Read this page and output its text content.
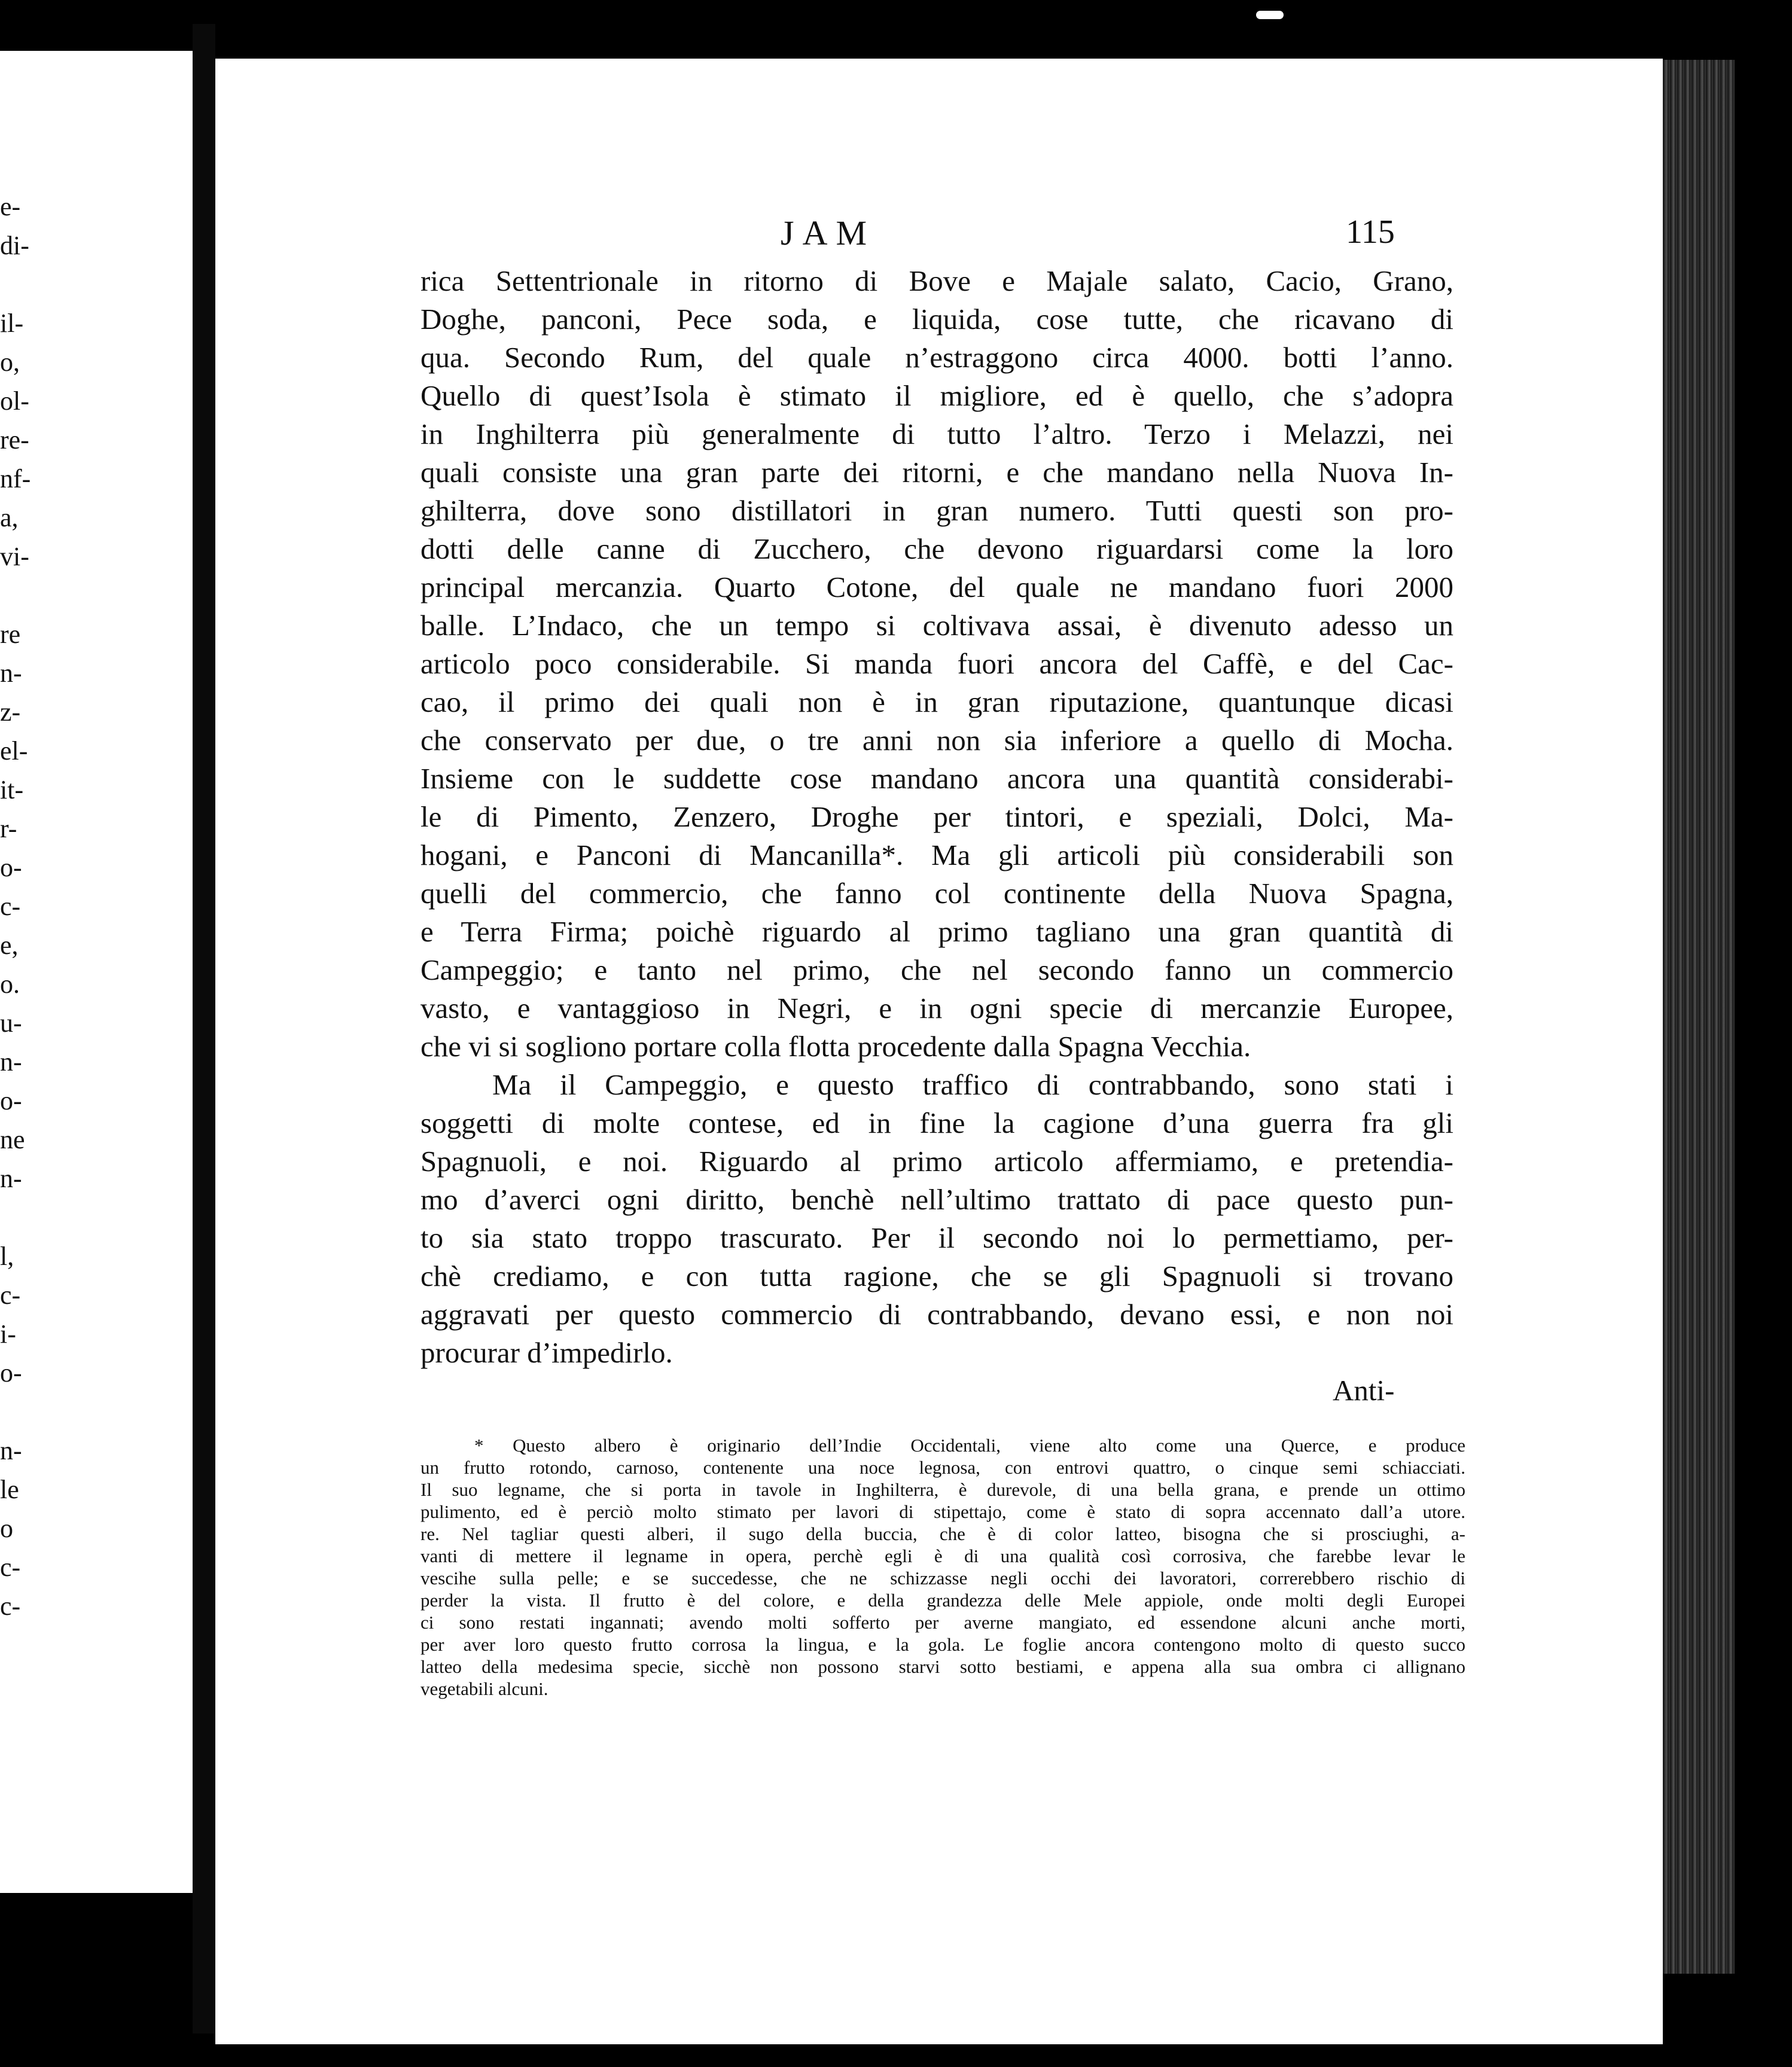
e-
di-
il-
o,
ol-
re-
nf-
a,
vi-
re
n-
z-
el-
it-
r-
o-
c-
e,
o.
u-
n-
o-
ne
n-
l,
c-
i-
o-
n-
le
o
c-
c-
JAM	115
rica Settentrionale in ritorno di Bove e Majale salato, Cacio, Grano,
Doghe, panconi, Pece soda, e liquida, cose tutte, che ricavano di
qua. Secondo Rum, del quale n’estraggono circa 4000. botti l’anno.
Quello di quest’Isola è stimato il migliore, ed è quello, che s’adopra
in Inghilterra più generalmente di tutto l’altro. Terzo i Melazzi, nei
quali consiste una gran parte dei ritorni, e che mandano nella Nuova In-
ghilterra, dove sono distillatori in gran numero. Tutti questi son pro-
dotti delle canne di Zucchero, che devono riguardarsi come la loro
principal mercanzia. Quarto Cotone, del quale ne mandano fuori 2000
balle. L’Indaco, che un tempo si coltivava assai, è divenuto adesso un
articolo poco considerabile. Si manda fuori ancora del Caffè, e del Cac-
cao, il primo dei quali non è in gran riputazione, quantunque dicasi
che conservato per due, o tre anni non sia inferiore a quello di Mocha.
Insieme con le suddette cose mandano ancora una quantità considerabi-
le di Pimento, Zenzero, Droghe per tintori, e speziali, Dolci, Ma-
hogani, e Panconi di Mancanilla*. Ma gli articoli più considerabili son
quelli del commercio, che fanno col continente della Nuova Spagna,
e Terra Firma; poichè riguardo al primo tagliano una gran quantità di
Campeggio; e tanto nel primo, che nel secondo fanno un commercio
vasto, e vantaggioso in Negri, e in ogni specie di mercanzie Europee,
che vi si sogliono portare colla flotta procedente dalla Spagna Vecchia.
Ma il Campeggio, e questo traffico di contrabbando, sono stati i
soggetti di molte contese, ed in fine la cagione d’una guerra fra gli
Spagnuoli, e noi. Riguardo al primo articolo affermiamo, e pretendia-
mo d’averci ogni diritto, benchè nell’ultimo trattato di pace questo pun-
to sia stato troppo trascurato. Per il secondo noi lo permettiamo, per-
chè crediamo, e con tutta ragione, che se gli Spagnuoli si trovano
aggravati per questo commercio di contrabbando, devano essi, e non noi
procurar d’impedirlo.
Anti-
* Questo albero è originario dell’Indie Occidentali, viene alto come una Querce, e produce
un frutto rotondo, carnoso, contenente una noce legnosa, con entrovi quattro, o cinque semi schiacciati.
Il suo legname, che si porta in tavole in Inghilterra, è durevole, di una bella grana, e prende un ottimo
pulimento, ed è perciò molto stimato per lavori di stipettajo, come è stato di sopra accennato dall’a utore.
re. Nel tagliar questi alberi, il sugo della buccia, che è di color latteo, bisogna che si prosciughi, a-
vanti di mettere il legname in opera, perchè egli è di una qualità così corrosiva, che farebbe levar le
vescihe sulla pelle; e se succedesse, che ne schizzasse negli occhi dei lavoratori, correrebbero rischio di
perder la vista. Il frutto è del colore, e della grandezza delle Mele appiole, onde molti degli Europei
ci sono restati ingannati; avendo molti sofferto per averne mangiato, ed essendone alcuni anche morti,
per aver loro questo frutto corrosa la lingua, e la gola. Le foglie ancora contengono molto di questo succo
latteo della medesima specie, sicchè non possono starvi sotto bestiami, e appena alla sua ombra ci allignano
vegetabili alcuni.
